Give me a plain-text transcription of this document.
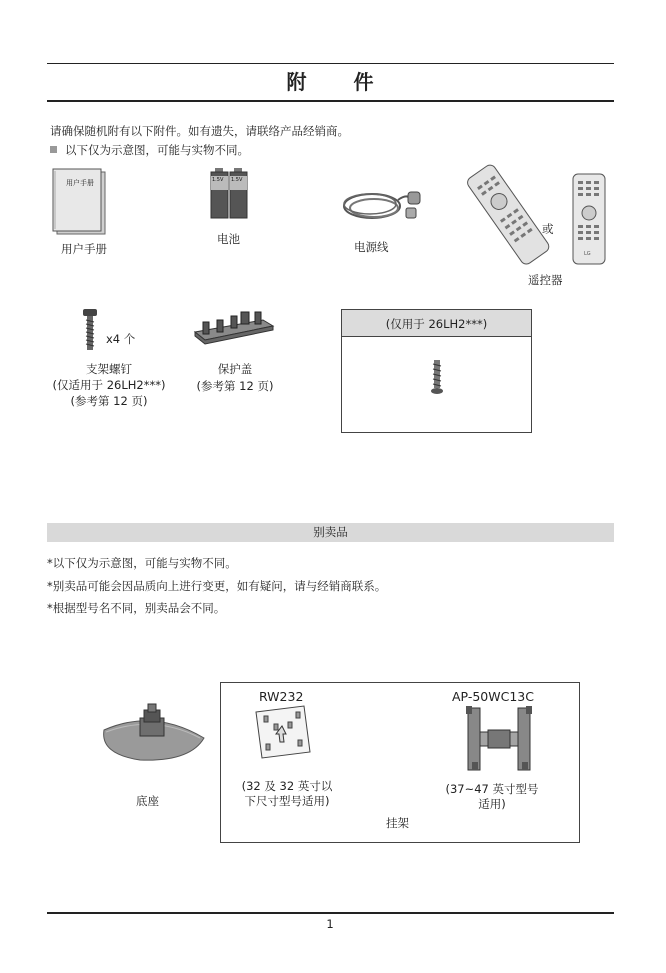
附 件
请确保随机附有以下附件。如有遗失，请联络产品经销商。
以下仅为示意图，可能与实物不同。
用户手册
用户手册
1.5V 1.5V
电池
电源线
或
LG
遥控器
x4 个
支架螺钉
(仅适用于 26LH2***)
(参考第 12 页)
保护盖
(参考第 12 页)
(仅用于 26LH2***)
别卖品
*以下仅为示意图，可能与实物不同。
*别卖品可能会因品质向上进行变更，如有疑问，请与经销商联系。
*根据型号名不同，别卖品会不同。
底座
RW232
(32 及 32 英寸以
下尺寸型号适用)
AP-50WC13C
(37~47 英寸型号
适用)
挂架
1
